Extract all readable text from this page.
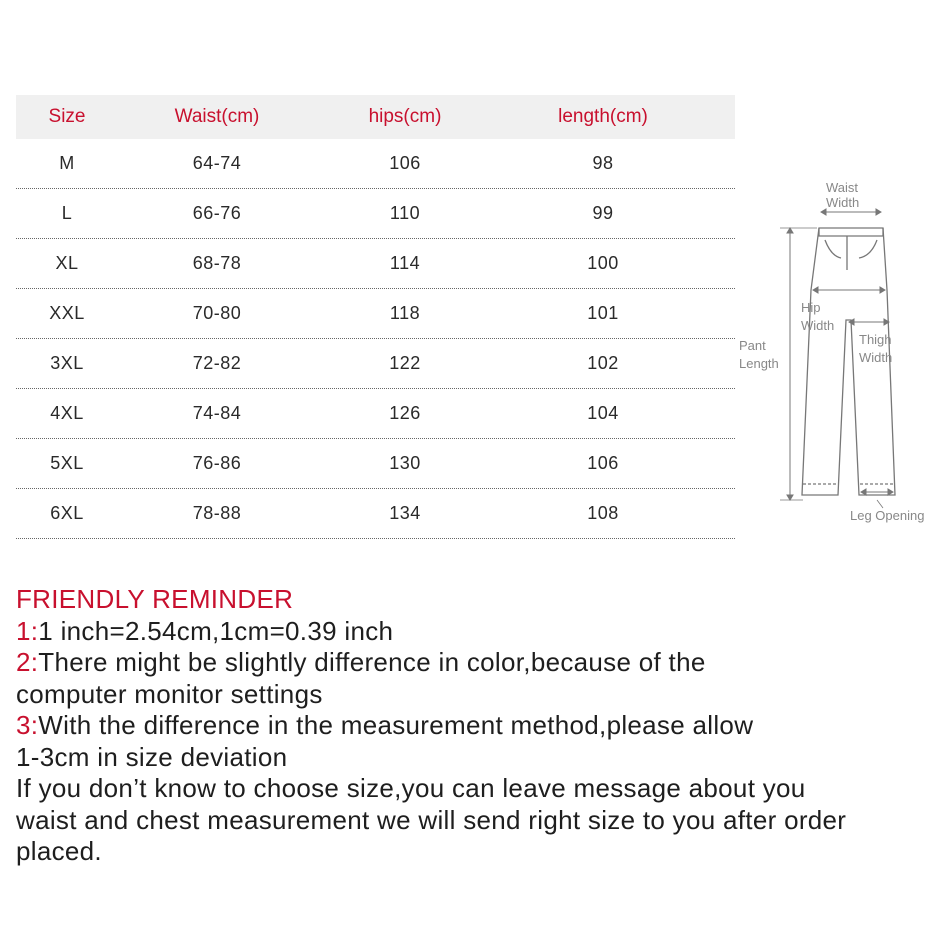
Size	Waist(cm)	hips(cm)	length(cm)
M	64-74	106	98
L	66-76	110	99
XL	68-78	114	100
XXL	70-80	118	101
3XL	72-82	122	102
4XL	74-84	126	104
5XL	76-86	130	106
6XL	78-88	134	108
Waist
Width
Hip
Width
Thigh
Width
Pant
Length
Leg Opening
FRIENDLY REMINDER
1:1 inch=2.54cm,1cm=0.39 inch
2:There might be slightly difference in color,because of the
computer monitor settings
3:With the difference in the measurement method,please allow
1-3cm in size deviation
If you don’t know to choose size,you can leave message about you
waist and chest measurement we will send right size to you after order
placed.
